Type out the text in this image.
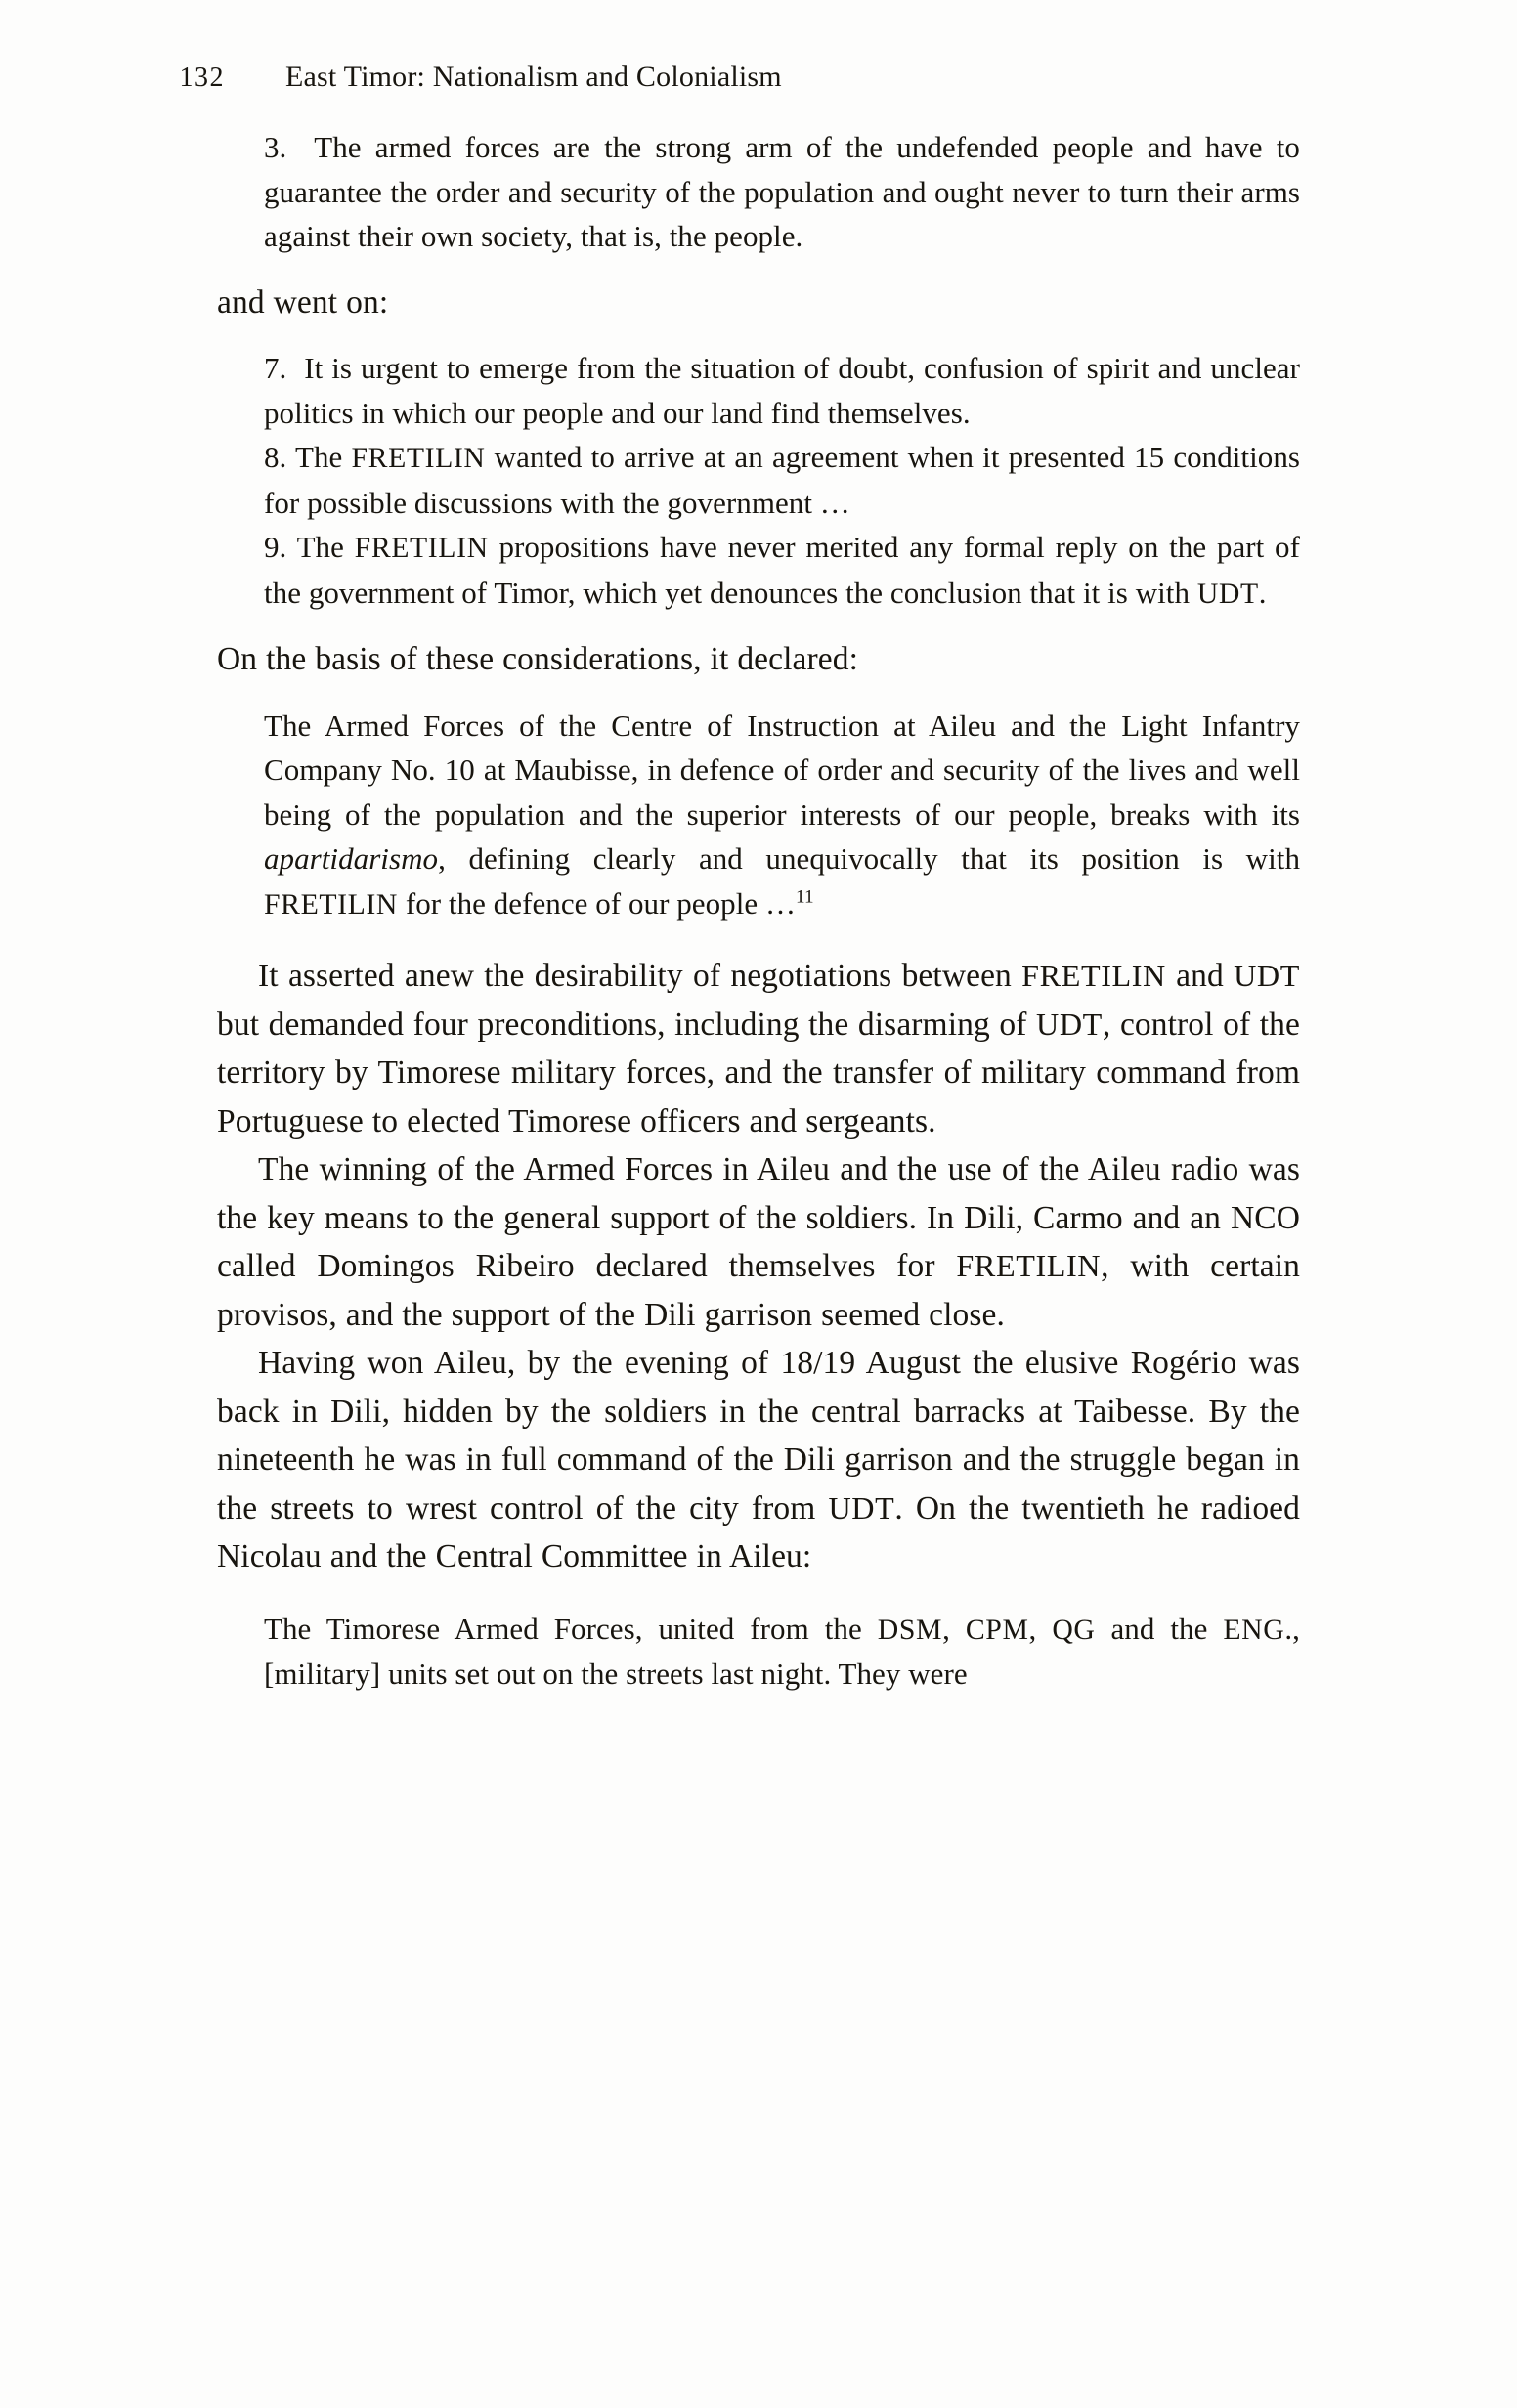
132 East Timor: Nationalism and Colonialism

3. The armed forces are the strong arm of the undefended people and have to guarantee the order and security of the population and ought never to turn their arms against their own society, that is, the people.

and went on:

7. It is urgent to emerge from the situation of doubt, confusion of spirit and unclear politics in which our people and our land find themselves.

8. The FRETILIN wanted to arrive at an agreement when it presented 15 conditions for possible discussions with the government …

9. The FRETILIN propositions have never merited any formal reply on the part of the government of Timor, which yet denounces the conclusion that it is with UDT.

On the basis of these considerations, it declared:

The Armed Forces of the Centre of Instruction at Aileu and the Light Infantry Company No. 10 at Maubisse, in defence of order and security of the lives and well being of the population and the superior interests of our people, breaks with its apartidarismo, defining clearly and unequivocally that its position is with FRETILIN for the defence of our people …$^{11}$

It asserted anew the desirability of negotiations between FRETILIN and UDT but demanded four preconditions, including the disarming of UDT, control of the territory by Timorese military forces, and the transfer of military command from Portuguese to elected Timorese officers and sergeants.

The winning of the Armed Forces in Aileu and the use of the Aileu radio was the key means to the general support of the soldiers. In Dili, Carmo and an NCO called Domingos Ribeiro declared themselves for FRETILIN, with certain provisos, and the support of the Dili garrison seemed close.

Having won Aileu, by the evening of 18/19 August the elusive Rogério was back in Dili, hidden by the soldiers in the central barracks at Taibesse. By the nineteenth he was in full command of the Dili garrison and the struggle began in the streets to wrest control of the city from UDT. On the twentieth he radioed Nicolau and the Central Committee in Aileu:

The Timorese Armed Forces, united from the DSM, CPM, QG and the ENG., [military] units set out on the streets last night. They were
